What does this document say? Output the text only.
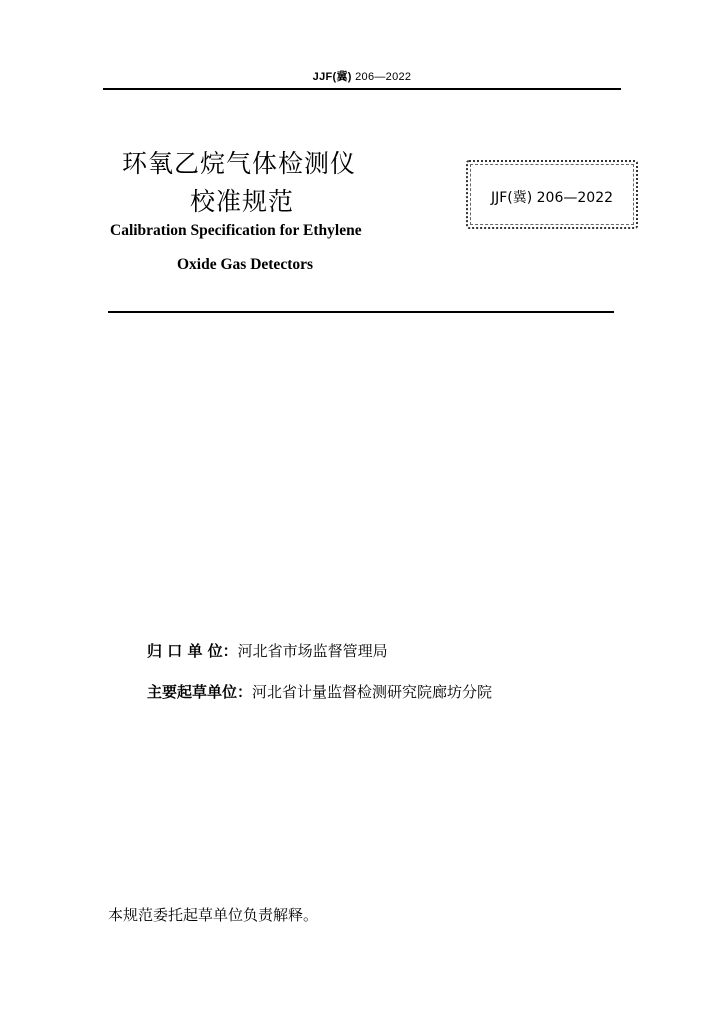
JJF(冀) 206—2022
环氧乙烷气体检测仪
校准规范
Calibration Specification for Ethylene
Oxide Gas Detectors
JJF(冀) 206—2022
归 口 单 位：河北省市场监督管理局
主要起草单位：河北省计量监督检测研究院廊坊分院
本规范委托起草单位负责解释。
